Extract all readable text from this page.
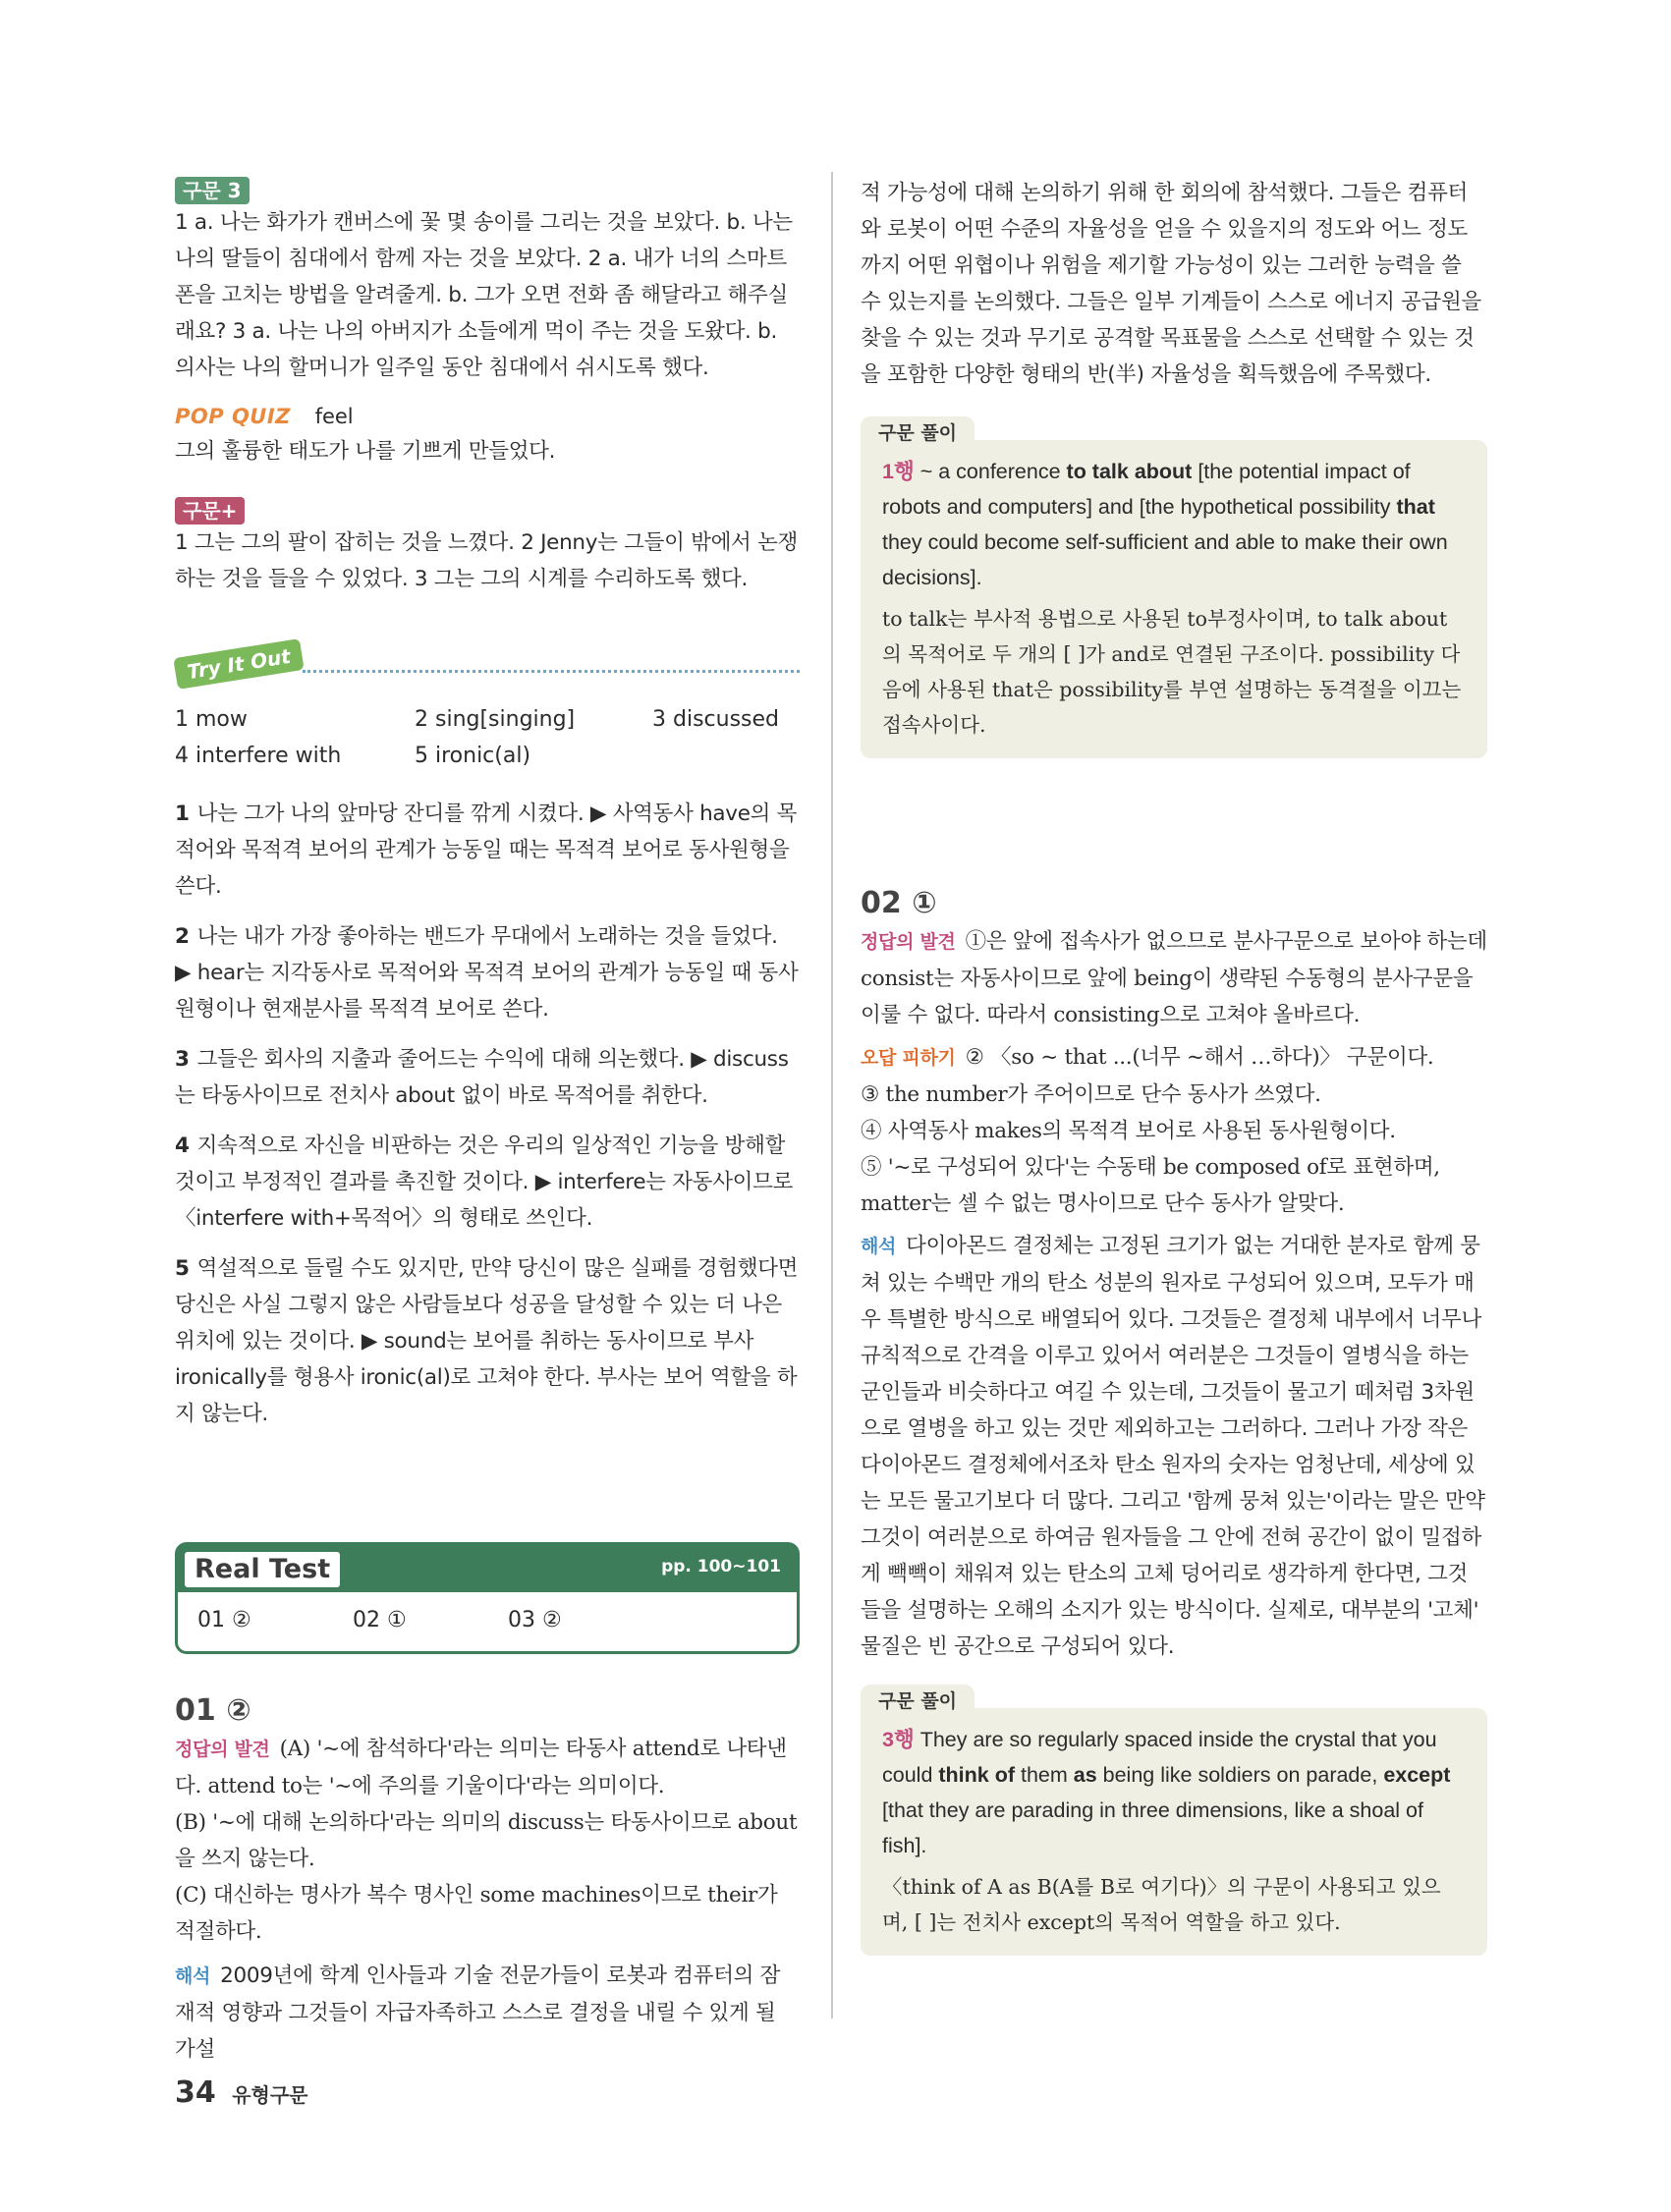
구문 3

1 a. 나는 화가가 캔버스에 꽃 몇 송이를 그리는 것을 보았다. b. 나는 나의 딸들이 침대에서 함께 자는 것을 보았다. 2 a. 내가 너의 스마트폰을 고치는 방법을 알려줄게. b. 그가 오면 전화 좀 해달라고 해주실래요? 3 a. 나는 나의 아버지가 소들에게 먹이 주는 것을 도왔다. b. 의사는 나의 할머니가 일주일 동안 침대에서 쉬시도록 했다.

POP QUIZ feel

그의 훌륭한 태도가 나를 기쁘게 만들었다.

구문+

1 그는 그의 팔이 잡히는 것을 느꼈다. 2 Jenny는 그들이 밖에서 논쟁하는 것을 들을 수 있었다. 3 그는 그의 시계를 수리하도록 했다.

Try It Out
1 mow	2 sing[singing]	3 discussed
4 interfere with	5 ironic(al)

1 나는 그가 나의 앞마당 잔디를 깎게 시켰다. ▶ 사역동사 have의 목적어와 목적격 보어의 관계가 능동일 때는 목적격 보어로 동사원형을 쓴다.

2 나는 내가 가장 좋아하는 밴드가 무대에서 노래하는 것을 들었다. ▶ hear는 지각동사로 목적어와 목적격 보어의 관계가 능동일 때 동사원형이나 현재분사를 목적격 보어로 쓴다.

3 그들은 회사의 지출과 줄어드는 수익에 대해 의논했다. ▶ discuss는 타동사이므로 전치사 about 없이 바로 목적어를 취한다.

4 지속적으로 자신을 비판하는 것은 우리의 일상적인 기능을 방해할 것이고 부정적인 결과를 촉진할 것이다. ▶ interfere는 자동사이므로 〈interfere with+목적어〉의 형태로 쓰인다.

5 역설적으로 들릴 수도 있지만, 만약 당신이 많은 실패를 경험했다면 당신은 사실 그렇지 않은 사람들보다 성공을 달성할 수 있는 더 나은 위치에 있는 것이다. ▶ sound는 보어를 취하는 동사이므로 부사 ironically를 형용사 ironic(al)로 고쳐야 한다. 부사는 보어 역할을 하지 않는다.

Real Test	pp. 100~101
01 ②	02 ①	03 ②
01 ②

정답의 발견 (A) '~에 참석하다'라는 의미는 타동사 attend로 나타낸다. attend to는 '~에 주의를 기울이다'라는 의미이다.

(B) '~에 대해 논의하다'라는 의미의 discuss는 타동사이므로 about을 쓰지 않는다.

(C) 대신하는 명사가 복수 명사인 some machines이므로 their가 적절하다.

해석 2009년에 학계 인사들과 기술 전문가들이 로봇과 컴퓨터의 잠재적 영향과 그것들이 자급자족하고 스스로 결정을 내릴 수 있게 될 가설

적 가능성에 대해 논의하기 위해 한 회의에 참석했다. 그들은 컴퓨터와 로봇이 어떤 수준의 자율성을 얻을 수 있을지의 정도와 어느 정도까지 어떤 위협이나 위험을 제기할 가능성이 있는 그러한 능력을 쓸 수 있는지를 논의했다. 그들은 일부 기계들이 스스로 에너지 공급원을 찾을 수 있는 것과 무기로 공격할 목표물을 스스로 선택할 수 있는 것을 포함한 다양한 형태의 반(半) 자율성을 획득했음에 주목했다.

구문 풀이

1행 ~ a conference to talk about [the potential impact of robots and computers] and [the hypothetical possibility that they could become self-sufficient and able to make their own decisions].

to talk는 부사적 용법으로 사용된 to부정사이며, to talk about의 목적어로 두 개의 [ ]가 and로 연결된 구조이다. possibility 다음에 사용된 that은 possibility를 부연 설명하는 동격절을 이끄는 접속사이다.

02 ①

정답의 발견 ①은 앞에 접속사가 없으므로 분사구문으로 보아야 하는데 consist는 자동사이므로 앞에 being이 생략된 수동형의 분사구문을 이룰 수 없다. 따라서 consisting으로 고쳐야 올바르다.

오답 피하기 ② 〈so ~ that ...(너무 ~해서 …하다)〉 구문이다.

③ the number가 주어이므로 단수 동사가 쓰였다.

④ 사역동사 makes의 목적격 보어로 사용된 동사원형이다.

⑤ '~로 구성되어 있다'는 수동태 be composed of로 표현하며, matter는 셀 수 없는 명사이므로 단수 동사가 알맞다.

해석 다이아몬드 결정체는 고정된 크기가 없는 거대한 분자로 함께 뭉쳐 있는 수백만 개의 탄소 성분의 원자로 구성되어 있으며, 모두가 매우 특별한 방식으로 배열되어 있다. 그것들은 결정체 내부에서 너무나 규칙적으로 간격을 이루고 있어서 여러분은 그것들이 열병식을 하는 군인들과 비슷하다고 여길 수 있는데, 그것들이 물고기 떼처럼 3차원으로 열병을 하고 있는 것만 제외하고는 그러하다. 그러나 가장 작은 다이아몬드 결정체에서조차 탄소 원자의 숫자는 엄청난데, 세상에 있는 모든 물고기보다 더 많다. 그리고 '함께 뭉쳐 있는'이라는 말은 만약 그것이 여러분으로 하여금 원자들을 그 안에 전혀 공간이 없이 밀접하게 빽빽이 채워져 있는 탄소의 고체 덩어리로 생각하게 한다면, 그것들을 설명하는 오해의 소지가 있는 방식이다. 실제로, 대부분의 '고체' 물질은 빈 공간으로 구성되어 있다.

구문 풀이

3행 They are so regularly spaced inside the crystal that you could think of them as being like soldiers on parade, except [that they are parading in three dimensions, like a shoal of fish].

〈think of A as B(A를 B로 여기다)〉의 구문이 사용되고 있으며, [ ]는 전치사 except의 목적어 역할을 하고 있다.

34 유형구문
